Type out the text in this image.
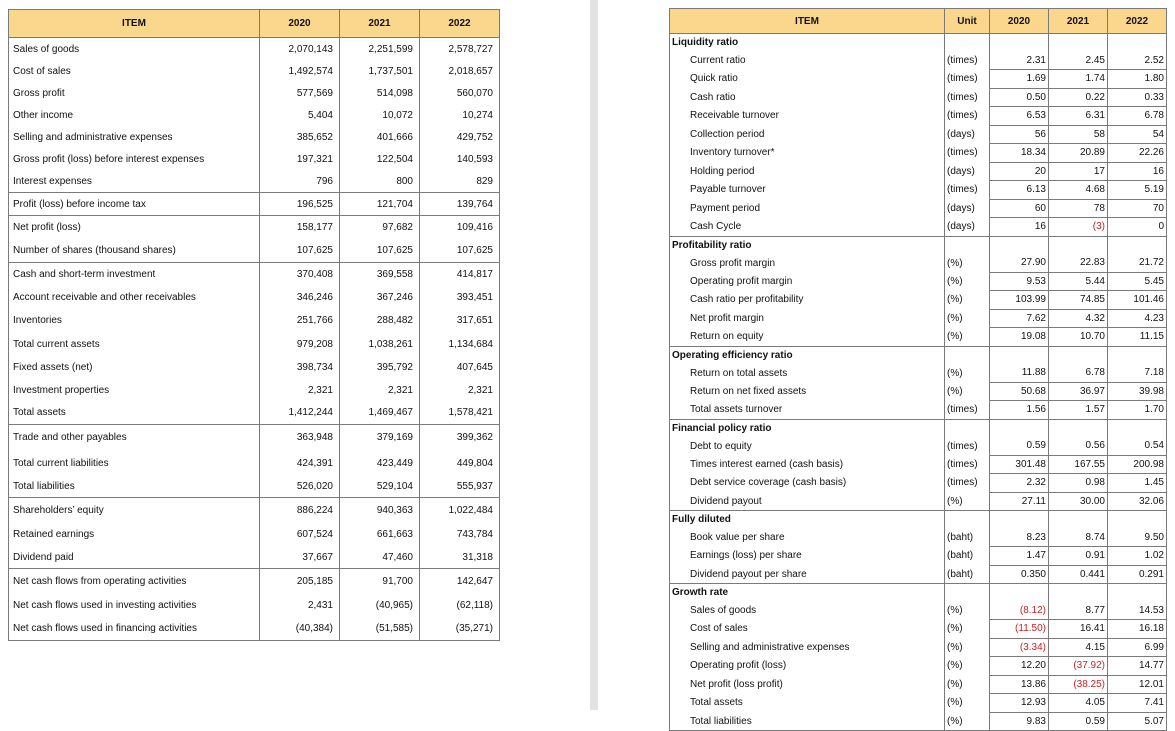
ITEM	2020	2021	2022
Sales of goods	2,070,143	2,251,599	2,578,727
Cost of sales	1,492,574	1,737,501	2,018,657
Gross profit	577,569	514,098	560,070
Other income	5,404	10,072	10,274
Selling and administrative expenses	385,652	401,666	429,752
Gross profit (loss) before interest expenses	197,321	122,504	140,593
Interest expenses	796	800	829
Profit (loss) before income tax	196,525	121,704	139,764
Net profit (loss)	158,177	97,682	109,416
Number of shares (thousand shares)	107,625	107,625	107,625
Cash and short-term investment	370,408	369,558	414,817
Account receivable and other receivables	346,246	367,246	393,451
Inventories	251,766	288,482	317,651
Total current assets	979,208	1,038,261	1,134,684
Fixed assets (net)	398,734	395,792	407,645
Investment properties	2,321	2,321	2,321
Total assets	1,412,244	1,469,467	1,578,421
Trade and other payables	363,948	379,169	399,362
Total current liabilities	424,391	423,449	449,804
Total liabilities	526,020	529,104	555,937
Shareholders’ equity	886,224	940,363	1,022,484
Retained earnings	607,524	661,663	743,784
Dividend paid	37,667	47,460	31,318
Net cash flows from operating activities	205,185	91,700	142,647
Net cash flows used in investing activities	2,431	(40,965)	(62,118)
Net cash flows used in financing activities	(40,384)	(51,585)	(35,271)
ITEM	Unit	2020	2021	2022
Liquidity ratio				
Current ratio	(times)	2.31	2.45	2.52
Quick ratio	(times)	1.69	1.74	1.80
Cash ratio	(times)	0.50	0.22	0.33
Receivable turnover	(times)	6.53	6.31	6.78
Collection period	(days)	56	58	54
Inventory turnover*	(times)	18.34	20.89	22.26
Holding period	(days)	20	17	16
Payable turnover	(times)	6.13	4.68	5.19
Payment period	(days)	60	78	70
Cash Cycle	(days)	16	(3)	0
Profitability ratio				
Gross profit margin	(%)	27.90	22.83	21.72
Operating profit margin	(%)	9.53	5.44	5.45
Cash ratio per profitability	(%)	103.99	74.85	101.46
Net profit margin	(%)	7.62	4.32	4.23
Return on equity	(%)	19.08	10.70	11.15
Operating efficiency ratio				
Return on total assets	(%)	11.88	6.78	7.18
Return on net fixed assets	(%)	50.68	36.97	39.98
Total assets turnover	(times)	1.56	1.57	1.70
Financial policy ratio				
Debt to equity	(times)	0.59	0.56	0.54
Times interest earned (cash basis)	(times)	301.48	167.55	200.98
Debt service coverage (cash basis)	(times)	2.32	0.98	1.45
Dividend payout	(%)	27.11	30.00	32.06
Fully diluted				
Book value per share	(baht)	8.23	8.74	9.50
Earnings (loss) per share	(baht)	1.47	0.91	1.02
Dividend payout per share	(baht)	0.350	0.441	0.291
Growth rate				
Sales of goods	(%)	(8.12)	8.77	14.53
Cost of sales	(%)	(11.50)	16.41	16.18
Selling and administrative expenses	(%)	(3.34)	4.15	6.99
Operating profit (loss)	(%)	12.20	(37.92)	14.77
Net profit (loss profit)	(%)	13.86	(38.25)	12.01
Total assets	(%)	12.93	4.05	7.41
Total liabilities	(%)	9.83	0.59	5.07
